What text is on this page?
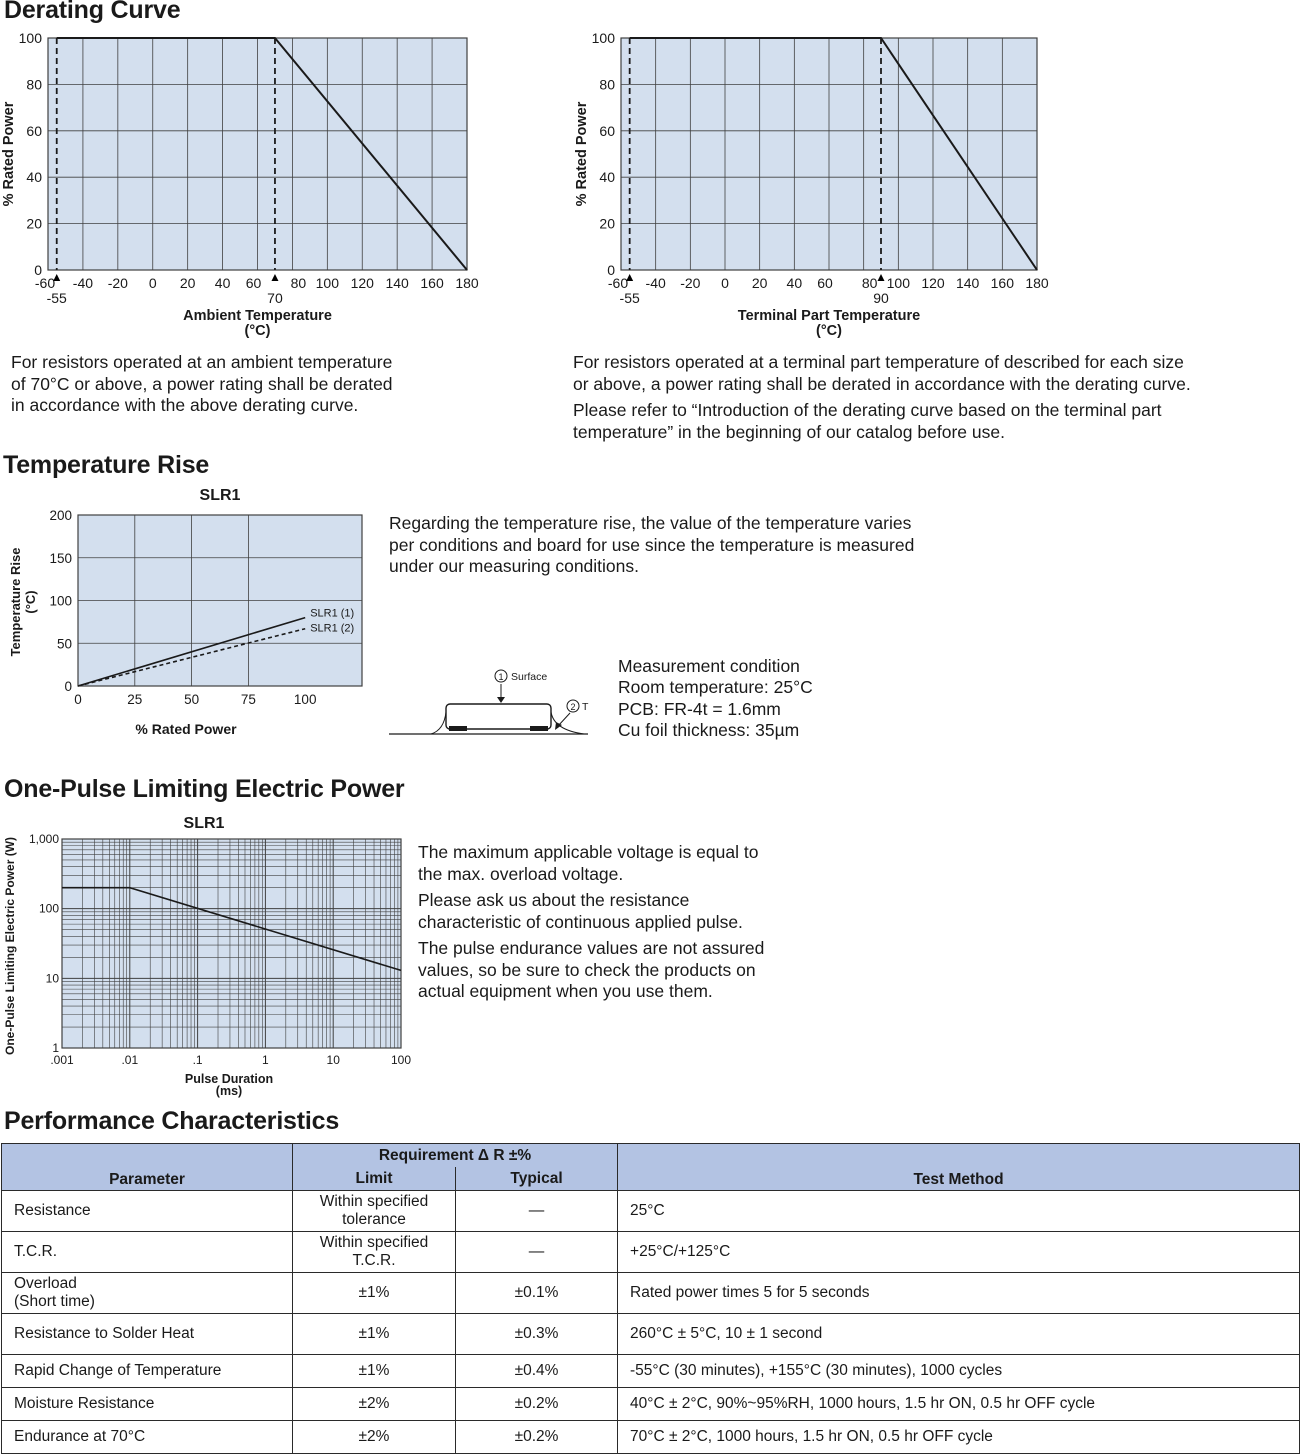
Derating Curve
Temperature Rise
One-Pulse Limiting Electric Power
Performance Characteristics
-60 -40 -20 0 20 40 60 80 100 120 140 160 180
0
20
40
60
80
100
-55	70
Ambient Temperature
(°C)
% Rated Power
-60 -40 -20 0 20 40 60 80 100 120 140 160 180
0
20
40
60
80
100
-55	90
Terminal Part Temperature
(°C)
% Rated Power

For resistors operated at an ambient temperature
of 70°C or above, a power rating shall be derated
in accordance with the above derating curve.

For resistors operated at a terminal part temperature of described for each size
or above, a power rating shall be derated in accordance with the derating curve.

Please refer to “Introduction of the derating curve based on the terminal part
temperature” in the beginning of our catalog before use.

0	25	50	75	100
0
50
100
150
200
SLR1
SLR1 (1)
SLR1 (2)
% Rated Power
Temperature Rise (°C)

Regarding the temperature rise, the value of the temperature varies
per conditions and board for use since the temperature is measured
under our measuring conditions.

1 Surface
2 T
Measurement condition
Room temperature: 25°C
PCB: FR-4t = 1.6mm
Cu foil thickness: 35µm
.001	.01	.1	1	10	100
1
10
100
1,000
SLR1
Pulse Duration
(ms)
One-Pulse Limiting Electric Power (W)	The maximum applicable voltage is equal to
the max. overload voltage.

Please ask us about the resistance
characteristic of continuous applied pulse.

The pulse endurance values are not assured
values, so be sure to check the products on
actual equipment when you use them.

Parameter	Requirement Δ R ±%		Test Method
	Limit	Typical	
Resistance	Within specified
tolerance	—	25°C
T.C.R.	Within specified
T.C.R.	—	+25°C/+125°C
Overload
(Short time)	±1%	±0.1%	Rated power times 5 for 5 seconds
Resistance to Solder Heat	±1%	±0.3%	260°C ± 5°C, 10 ± 1 second
Rapid Change of Temperature	±1%	±0.4%	-55°C (30 minutes), +155°C (30 minutes), 1000 cycles
Moisture Resistance	±2%	±0.2%	40°C ± 2°C, 90%~95%RH, 1000 hours, 1.5 hr ON, 0.5 hr OFF cycle
Endurance at 70°C	±2%	±0.2%	70°C ± 2°C, 1000 hours, 1.5 hr ON, 0.5 hr OFF cycle
